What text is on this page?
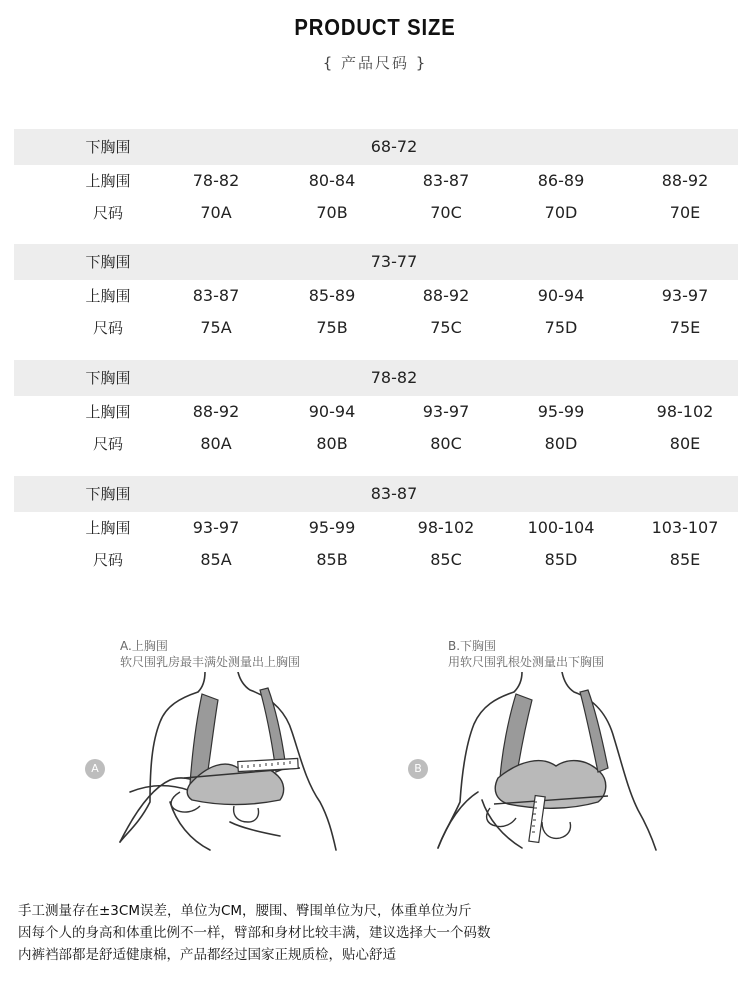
PRODUCT SIZE
{ 产品尺码 }
下胸围	68-72
上胸围	78-82	80-84	83-87	86-89	88-92
尺码	70A	70B	70C	70D	70E
下胸围	73-77
上胸围	83-87	85-89	88-92	90-94	93-97
尺码	75A	75B	75C	75D	75E
下胸围	78-82
上胸围	88-92	90-94	93-97	95-99	98-102
尺码	80A	80B	80C	80D	80E
下胸围	83-87
上胸围	93-97	95-99	98-102	100-104	103-107
尺码	85A	85B	85C	85D	85E
A.上胸围
软尺围乳房最丰满处测量出上胸围
A
B.下胸围
用软尺围乳根处测量出下胸围
B
手工测量存在±3CM误差，单位为CM，腰围、臀围单位为尺，体重单位为斤
因每个人的身高和体重比例不一样，臂部和身材比较丰满，建议选择大一个码数
内裤裆部都是舒适健康棉，产品都经过国家正规质检，贴心舒适
